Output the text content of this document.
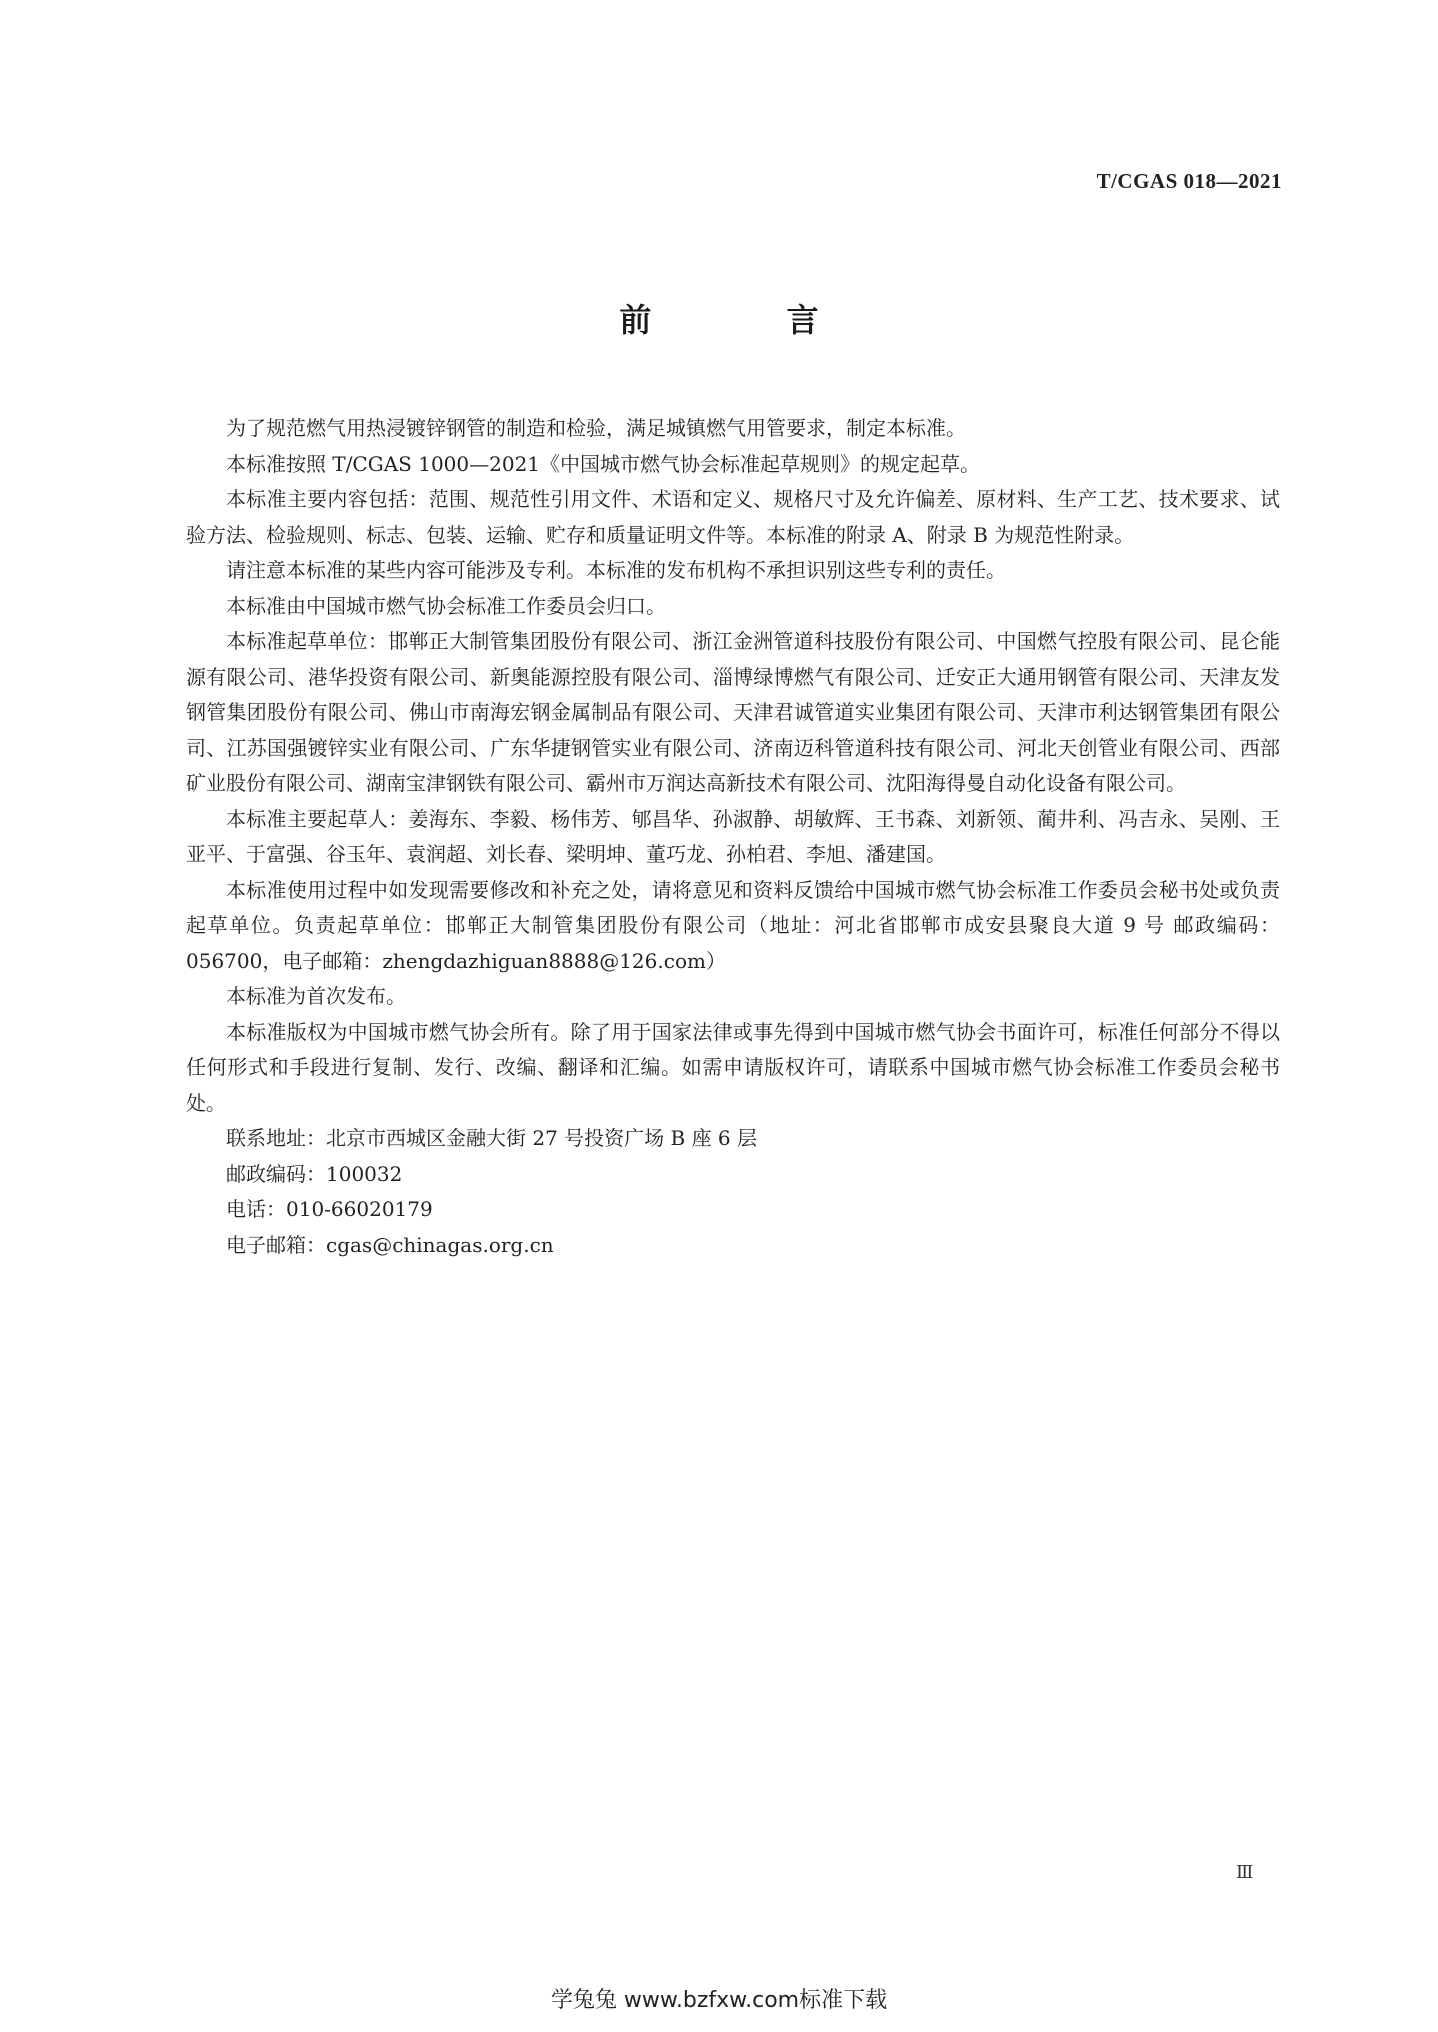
T/CGAS 018—2021
前 言

为了规范燃气用热浸镀锌钢管的制造和检验，满足城镇燃气用管要求，制定本标准。

本标准按照 T/CGAS 1000—2021《中国城市燃气协会标准起草规则》的规定起草。

本标准主要内容包括：范围、规范性引用文件、术语和定义、规格尺寸及允许偏差、原材料、生产工艺、技术要求、试验方法、检验规则、标志、包装、运输、贮存和质量证明文件等。本标准的附录 A、附录 B 为规范性附录。

请注意本标准的某些内容可能涉及专利。本标准的发布机构不承担识别这些专利的责任。

本标准由中国城市燃气协会标准工作委员会归口。

本标准起草单位：邯郸正大制管集团股份有限公司、浙江金洲管道科技股份有限公司、中国燃气控股有限公司、昆仑能源有限公司、港华投资有限公司、新奥能源控股有限公司、淄博绿博燃气有限公司、迁安正大通用钢管有限公司、天津友发钢管集团股份有限公司、佛山市南海宏钢金属制品有限公司、天津君诚管道实业集团有限公司、天津市利达钢管集团有限公司、江苏国强镀锌实业有限公司、广东华捷钢管实业有限公司、济南迈科管道科技有限公司、河北天创管业有限公司、西部矿业股份有限公司、湖南宝津钢铁有限公司、霸州市万润达高新技术有限公司、沈阳海得曼自动化设备有限公司。

本标准主要起草人：姜海东、李毅、杨伟芳、郇昌华、孙淑静、胡敏辉、王书森、刘新领、蔺井利、冯吉永、吴刚、王亚平、于富强、谷玉年、袁润超、刘长春、梁明坤、董巧龙、孙柏君、李旭、潘建国。

本标准使用过程中如发现需要修改和补充之处，请将意见和资料反馈给中国城市燃气协会标准工作委员会秘书处或负责起草单位。负责起草单位：邯郸正大制管集团股份有限公司（地址：河北省邯郸市成安县聚良大道 9 号 邮政编码：056700，电子邮箱：zhengdazhiguan8888@126.com）

本标准为首次发布。

本标准版权为中国城市燃气协会所有。除了用于国家法律或事先得到中国城市燃气协会书面许可，标准任何部分不得以任何形式和手段进行复制、发行、改编、翻译和汇编。如需申请版权许可，请联系中国城市燃气协会标准工作委员会秘书处。

联系地址：北京市西城区金融大街 27 号投资广场 B 座 6 层

邮政编码：100032

电话：010-66020179

电子邮箱：cgas@chinagas.org.cn

Ⅲ
学兔兔 www.bzfxw.com标准下载
